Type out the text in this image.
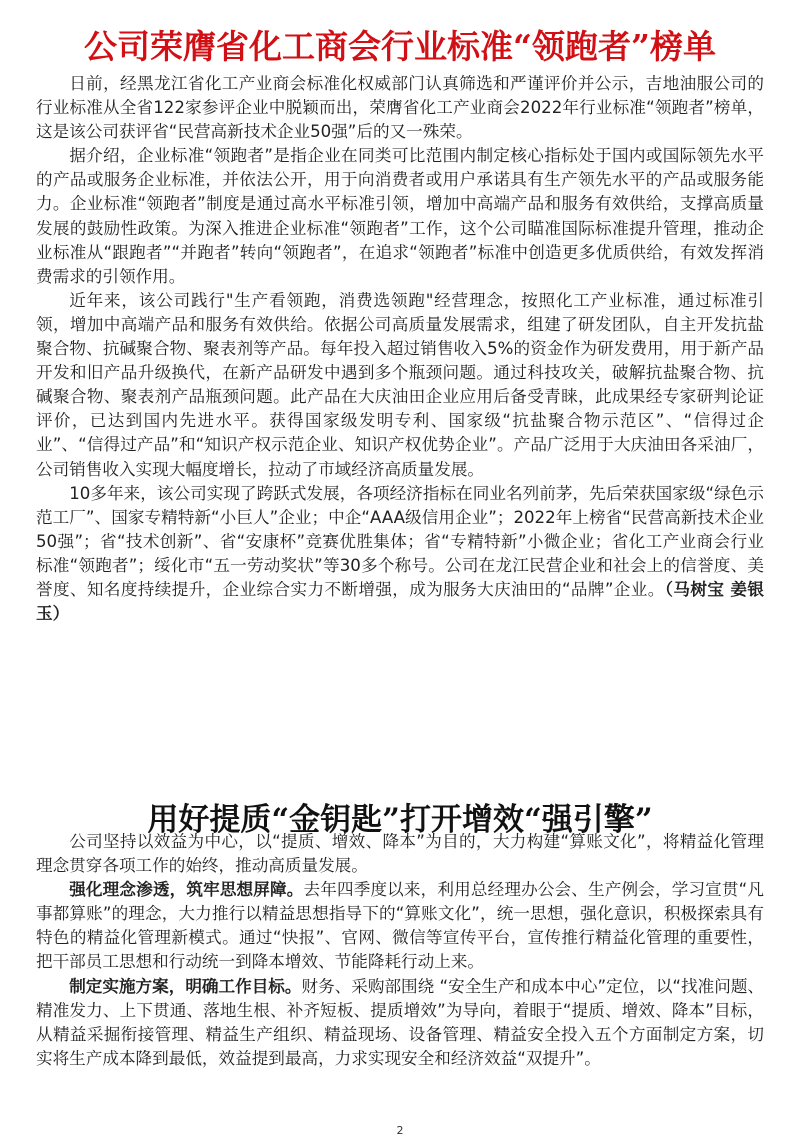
公司荣膺省化工商会行业标准“领跑者”榜单

日前，经黑龙江省化工产业商会标准化权威部门认真筛选和严谨评价并公示，吉地油服公司的行业标准从全省122家参评企业中脱颖而出，荣膺省化工产业商会2022年行业标准“领跑者”榜单，这是该公司获评省“民营高新技术企业50强”后的又一殊荣。

据介绍，企业标准“领跑者”是指企业在同类可比范围内制定核心指标处于国内或国际领先水平的产品或服务企业标准，并依法公开，用于向消费者或用户承诺具有生产领先水平的产品或服务能力。企业标准“领跑者”制度是通过高水平标准引领，增加中高端产品和服务有效供给，支撑高质量发展的鼓励性政策。为深入推进企业标准“领跑者”工作，这个公司瞄准国际标准提升管理，推动企业标准从“跟跑者”“并跑者”转向“领跑者”，在追求“领跑者”标准中创造更多优质供给，有效发挥消费需求的引领作用。

近年来，该公司践行"生产看领跑，消费选领跑"经营理念，按照化工产业标准，通过标准引领，增加中高端产品和服务有效供给。依据公司高质量发展需求，组建了研发团队，自主开发抗盐聚合物、抗碱聚合物、聚表剂等产品。每年投入超过销售收入5%的资金作为研发费用，用于新产品开发和旧产品升级换代，在新产品研发中遇到多个瓶颈问题。通过科技攻关，破解抗盐聚合物、抗碱聚合物、聚表剂产品瓶颈问题。此产品在大庆油田企业应用后备受青睐，此成果经专家研判论证评价，已达到国内先进水平。获得国家级发明专利、国家级“抗盐聚合物示范区”、“信得过企业”、“信得过产品”和“知识产权示范企业、知识产权优势企业”。产品广泛用于大庆油田各采油厂，公司销售收入实现大幅度增长，拉动了市域经济高质量发展。

10多年来，该公司实现了跨跃式发展，各项经济指标在同业名列前茅，先后荣获国家级“绿色示范工厂”、国家专精特新“小巨人”企业；中企“AAA级信用企业”；2022年上榜省“民营高新技术企业50强”；省“技术创新”、省“安康杯”竞赛优胜集体；省“专精特新”小微企业；省化工产业商会行业标准“领跑者”；绥化市“五一劳动奖状”等30多个称号。公司在龙江民营企业和社会上的信誉度、美誉度、知名度持续提升，企业综合实力不断增强，成为服务大庆油田的“品牌”企业。（马树宝 姜银玉）

用好提质“金钥匙”打开增效“强引擎”

公司坚持以效益为中心，以“提质、增效、降本”为目的，大力构建“算账文化”，将精益化管理理念贯穿各项工作的始终，推动高质量发展。

强化理念渗透，筑牢思想屏障。去年四季度以来，利用总经理办公会、生产例会，学习宣贯“凡事都算账”的理念，大力推行以精益思想指导下的“算账文化”，统一思想，强化意识，积极探索具有特色的精益化管理新模式。通过“快报”、官网、微信等宣传平台，宣传推行精益化管理的重要性，把干部员工思想和行动统一到降本增效、节能降耗行动上来。

制定实施方案，明确工作目标。财务、采购部围绕 “安全生产和成本中心”定位，以“找准问题、精准发力、上下贯通、落地生根、补齐短板、提质增效”为导向，着眼于“提质、增效、降本”目标，从精益采掘衔接管理、精益生产组织、精益现场、设备管理、精益安全投入五个方面制定方案，切实将生产成本降到最低，效益提到最高，力求实现安全和经济效益“双提升”。

2
